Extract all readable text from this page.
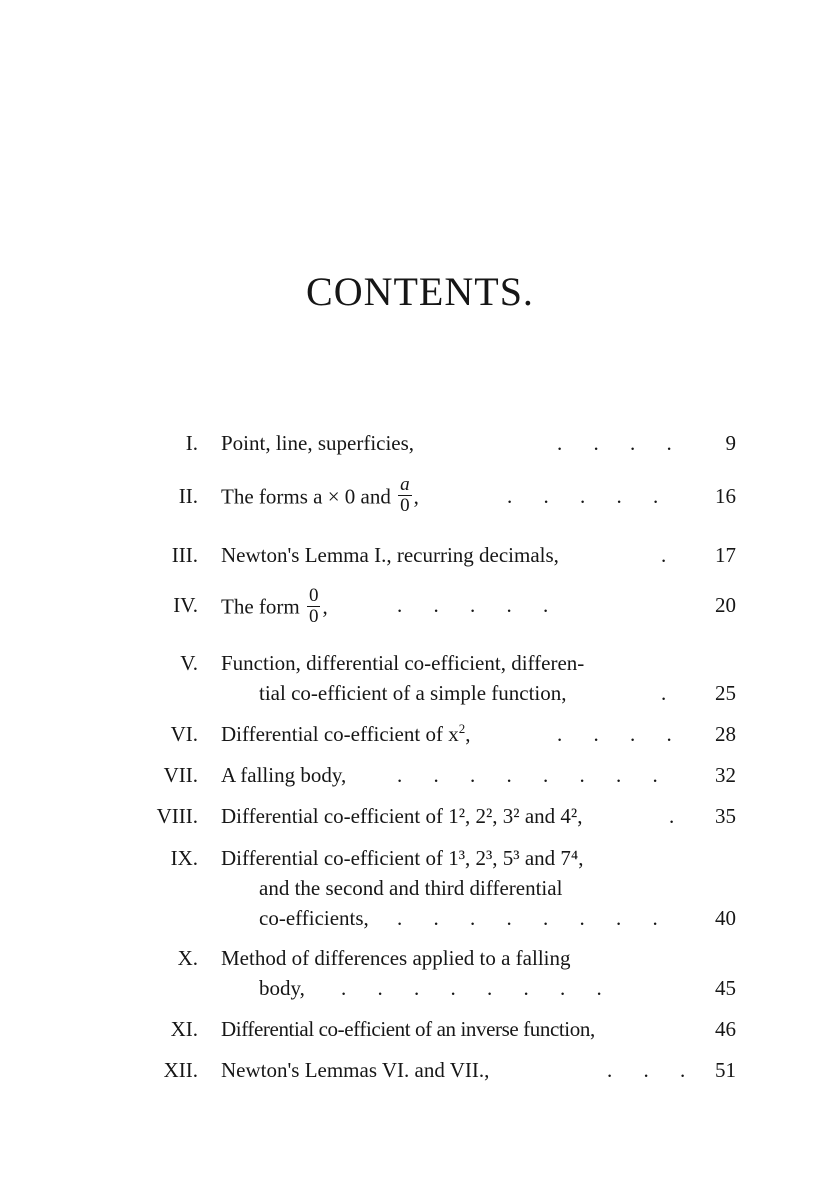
CONTENTS.
I. Point, line, superficies,	. . . .	9
II. The forms a × 0 and $\frac{a}{0}$ ,	. . . . .	16
III. Newton's Lemma I., recurring decimals,	. 17
IV. The form $\frac{0}{0}$ ,	. . . . .	20
V. Function, differential co-efficient, differen-
tial co-efficient of a simple function,	. 25
VI. Differential co-efficient of $x^2$,	. . . . 28
VII. A falling body, . . . . . . . .	32
VIII. Differential co-efficient of 1², 2², 3² and 4²,	. 35
IX. Differential co-efficient of 1³, 2³, 5³ and 7⁴,
and the second and third differential
co-efficients,	. . . . . . . .	40
X. Method of differences applied to a falling
body,	. . . . . . . .	45
XI. Differential co-efficient of an inverse function,	46
XII. Newton's Lemmas VI. and VII.,	. . . 51
